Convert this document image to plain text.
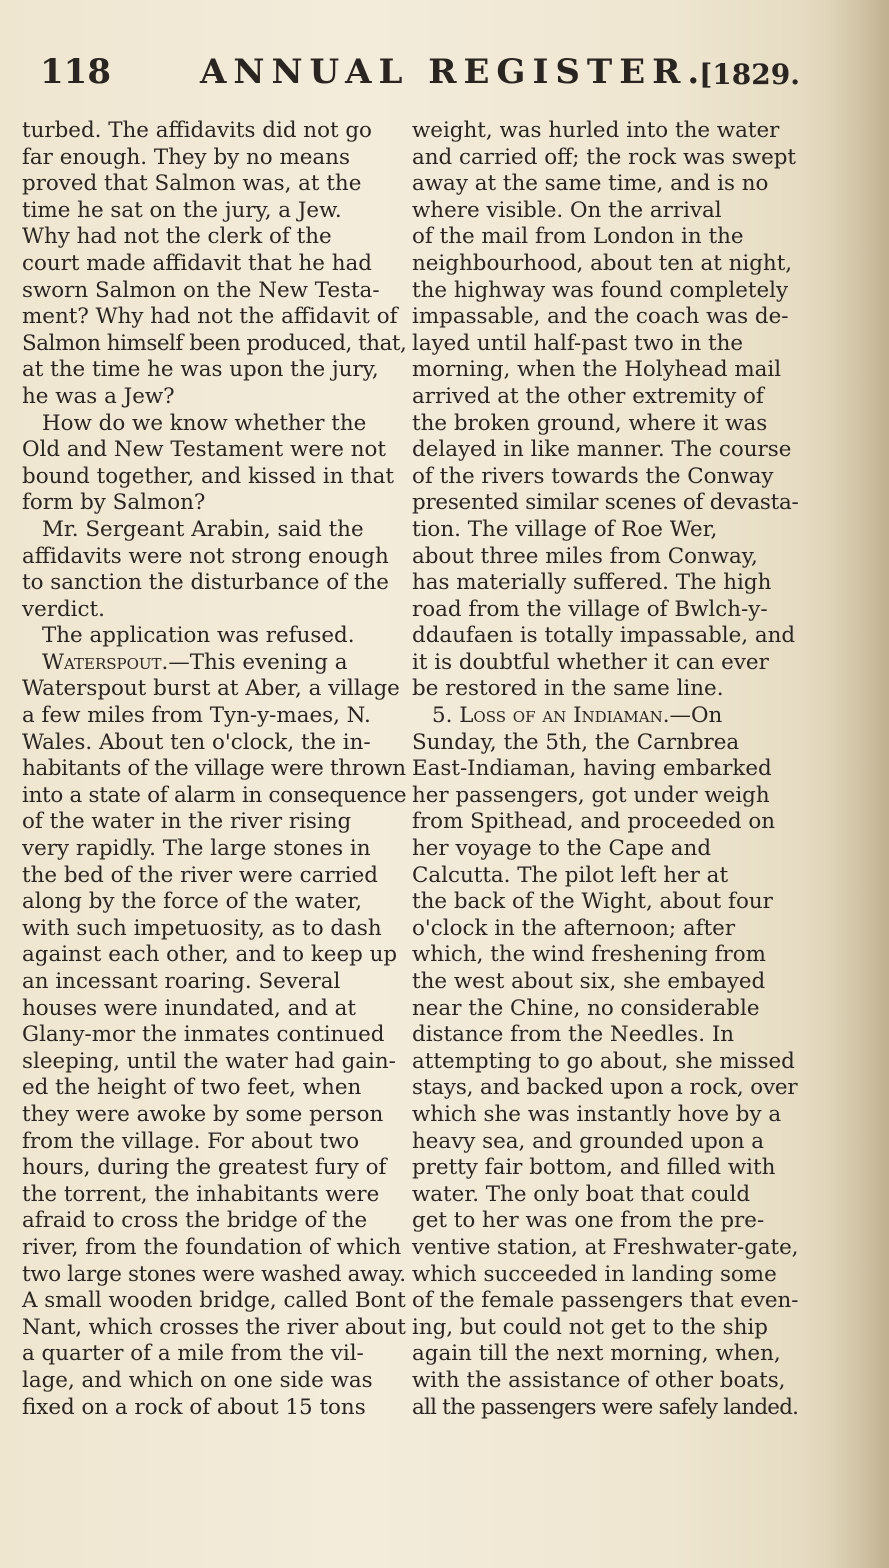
118	ANNUAL REGISTER.
[1829.
turbed. The affidavits did not go
far enough. They by no means
proved that Salmon was, at the
time he sat on the jury, a Jew.
Why had not the clerk of the
court made affidavit that he had
sworn Salmon on the New Testa-
ment? Why had not the affidavit of
Salmon himself been produced, that,
at the time he was upon the jury,
he was a Jew?
How do we know whether the
Old and New Testament were not
bound together, and kissed in that
form by Salmon?
Mr. Sergeant Arabin, said the
affidavits were not strong enough
to sanction the disturbance of the
verdict.
The application was refused.
Waterspout.—This evening a
Waterspout burst at Aber, a village
a few miles from Tyn-y-maes, N.
Wales. About ten o'clock, the in-
habitants of the village were thrown
into a state of alarm in consequence
of the water in the river rising
very rapidly. The large stones in
the bed of the river were carried
along by the force of the water,
with such impetuosity, as to dash
against each other, and to keep up
an incessant roaring. Several
houses were inundated, and at
Glany-mor the inmates continued
sleeping, until the water had gain-
ed the height of two feet, when
they were awoke by some person
from the village. For about two
hours, during the greatest fury of
the torrent, the inhabitants were
afraid to cross the bridge of the
river, from the foundation of which
two large stones were washed away.
A small wooden bridge, called Bont
Nant, which crosses the river about
a quarter of a mile from the vil-
lage, and which on one side was
fixed on a rock of about 15 tons
weight, was hurled into the water
and carried off; the rock was swept
away at the same time, and is no
where visible. On the arrival
of the mail from London in the
neighbourhood, about ten at night,
the highway was found completely
impassable, and the coach was de-
layed until half-past two in the
morning, when the Holyhead mail
arrived at the other extremity of
the broken ground, where it was
delayed in like manner. The course
of the rivers towards the Conway
presented similar scenes of devasta-
tion. The village of Roe Wer,
about three miles from Conway,
has materially suffered. The high
road from the village of Bwlch-y-
ddaufaen is totally impassable, and
it is doubtful whether it can ever
be restored in the same line.
5. Loss of an Indiaman.—On
Sunday, the 5th, the Carnbrea
East-Indiaman, having embarked
her passengers, got under weigh
from Spithead, and proceeded on
her voyage to the Cape and
Calcutta. The pilot left her at
the back of the Wight, about four
o'clock in the afternoon; after
which, the wind freshening from
the west about six, she embayed
near the Chine, no considerable
distance from the Needles. In
attempting to go about, she missed
stays, and backed upon a rock, over
which she was instantly hove by a
heavy sea, and grounded upon a
pretty fair bottom, and filled with
water. The only boat that could
get to her was one from the pre-
ventive station, at Freshwater-gate,
which succeeded in landing some
of the female passengers that even-
ing, but could not get to the ship
again till the next morning, when,
with the assistance of other boats,
all the passengers were safely landed.
